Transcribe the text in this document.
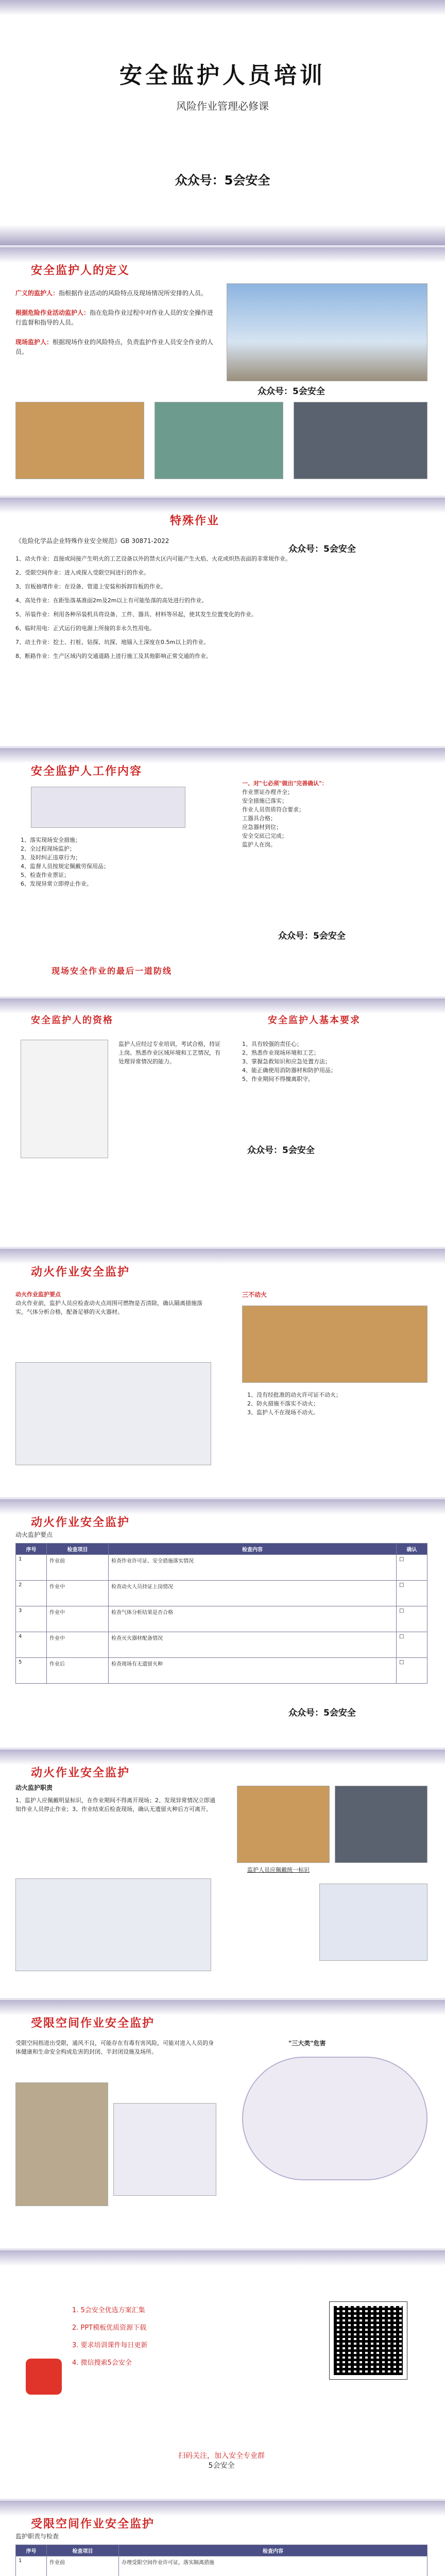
安全监护人员培训
风险作业管理必修课
众众号：5会安全
安全监护人的定义
广义的监护人：指根据作业活动的风险特点及现场情况所安排的人员。

根据危险作业活动监护人：指在危险作业过程中对作业人员的安全操作进行监督和指导的人员。

现场监护人：根据现场作业的风险特点，负责监护作业人员安全作业的人员。
众众号：5会安全
特殊作业
《危险化学品企业特殊作业安全规范》GB 30871-2022
众众号：5会安全
1、动火作业：直接或间接产生明火的工艺设备以外的禁火区内可能产生火焰、火花或炽热表面的非常规作业。
2、受限空间作业：进入或探入受限空间进行的作业。
3、盲板抽堵作业：在设备、管道上安装和拆卸盲板的作业。
4、高处作业：在距坠落基准面2m及2m以上有可能坠落的高处进行的作业。
5、吊装作业：利用各种吊装机具将设备、工件、器具、材料等吊起，使其发生位置变化的作业。
6、临时用电：正式运行的电源上所接的非永久性用电。
7、动土作业：挖土、打桩、钻探、坑探、地锚入土深度在0.5m以上的作业。
8、断路作业：生产区域内的交通道路上进行施工及其他影响正常交通的作业。
安全监护人工作内容
1、落实现场安全措施；
2、全过程现场监护；
3、及时纠正违章行为；
4、监督人员按规定佩戴劳保用品；
5、检查作业票证；
6、发现异常立即停止作业。
一、对"七必须"做出"完善确认"：
作业票证办理齐全；
安全措施已落实；
作业人员资质符合要求；
工器具合格；
应急器材到位；
安全交底已完成；
监护人在岗。
众众号：5会安全
现场安全作业的最后一道防线
安全监护人的资格
监护人应经过专业培训，考试合格，持证上岗。熟悉作业区域环境和工艺情况，有处理异常情况的能力。
安全监护人基本要求
1、具有较强的责任心；
2、熟悉作业现场环境和工艺；
3、掌握急救知识和应急处置方法；
4、能正确使用消防器材和防护用品；
5、作业期间不得擅离职守。
众众号：5会安全
动火作业安全监护
动火作业监护要点
动火作业前，监护人员应检查动火点周围可燃物是否清除，确认隔离措施落实，气体分析合格，配备足够的灭火器材。
三不动火
1、没有经批准的动火许可证不动火；
2、防火措施不落实不动火；
3、监护人不在现场不动火。
动火作业安全监护
动火监护要点
序号	检查项目	检查内容	确认
1	作业前	检查作业许可证、安全措施落实情况	□
2	作业中	检查动火人员持证上岗情况	□
3	作业中	检查气体分析结果是否合格	□
4	作业中	检查灭火器材配备情况	□
5	作业后	检查现场有无遗留火种	□
众众号：5会安全
动火作业安全监护
动火监护职责
1、监护人应佩戴明显标识，在作业期间不得离开现场；2、发现异常情况立即通知作业人员停止作业；3、作业结束后检查现场，确认无遗留火种后方可离开。
监护人员应佩戴统一标识
受限空间作业安全监护
受限空间指进出受限，通风不良，可能存在有毒有害风险，可能对进入人员的身体健康和生命安全构成危害的封闭、半封闭设施及场所。
"三大类"危害
1. 5会安全优选方案汇集
2. PPT模板优质资源下载
3. 要求培训课件每日更新
4. 微信搜索5会安全
扫码关注，加入安全专业群
5会安全
受限空间作业安全监护
监护职责与检查
序号	检查项目	检查内容
1	作业前	办理受限空间作业许可证，落实隔离措施
